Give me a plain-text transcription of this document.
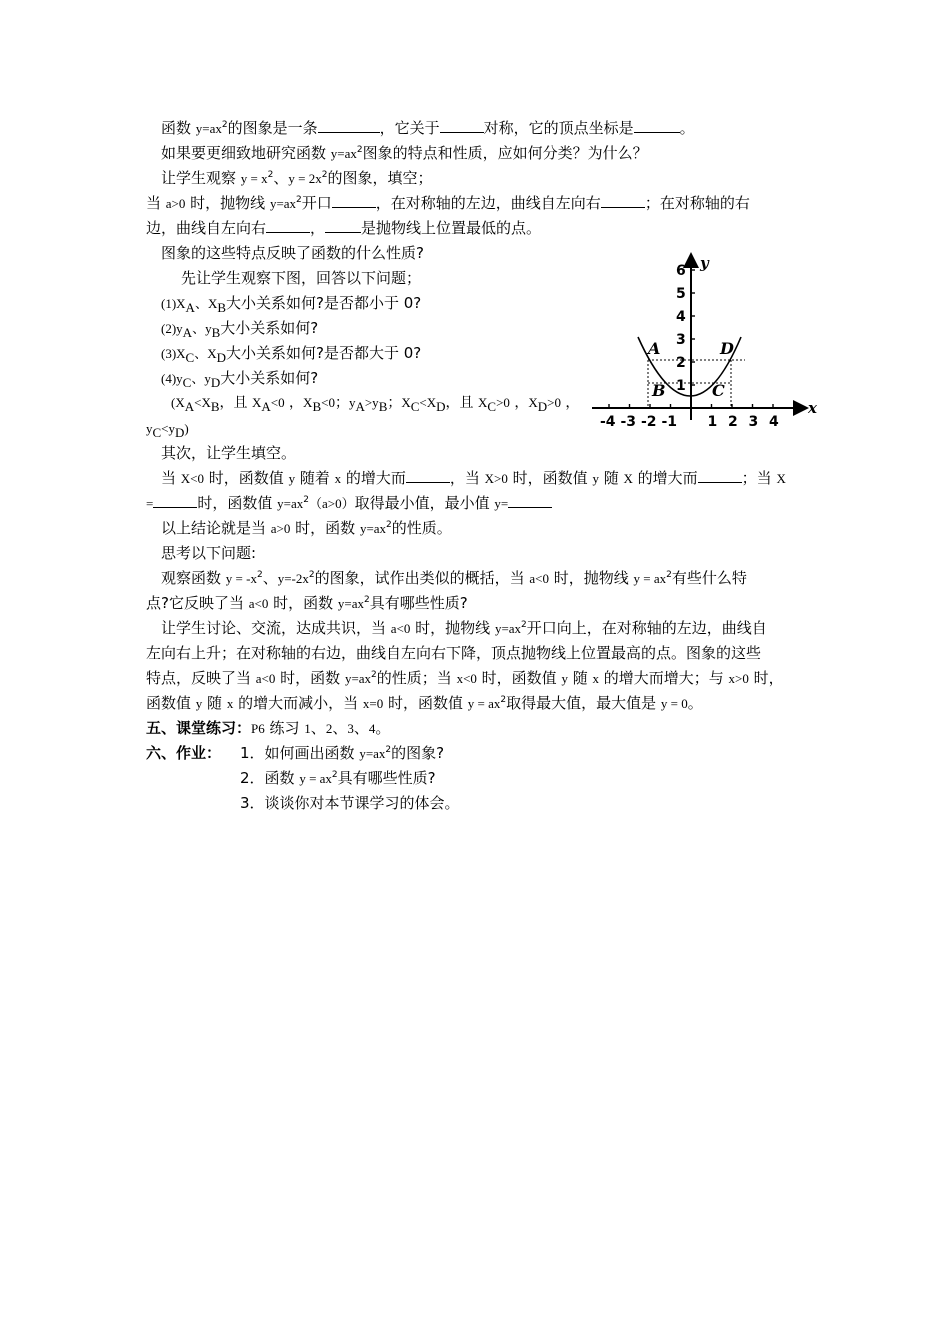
函数 $y=ax^2$的图象是一条	，它关于	对称，它的顶点坐标是	。
如果要更细致地研究函数 $y=ax^2$图象的特点和性质，应如何分类？为什么？
让学生观察 $y = x^2$、$y = 2x^2$的图象，填空；
当 a>0 时，抛物线 $y=ax^2$开口	，在对称轴的左边，曲线自左向右	；在对称轴的右
边，曲线自左向右	， 是抛物线上位置最低的点。
图象的这些特点反映了函数的什么性质?
先让学生观察下图，回答以下问题；
$(1)X_A$、$X_B$大小关系如何?是否都小于 0?
$(2)y_A$、$y_B$大小关系如何?
$(3)X_C$、$X_D$大小关系如何?是否都大于 0?
$(4)y_C$、$y_D$大小关系如何?
($X_A<X_B$，且 $X_A<0$ ，$X_B<0$；$y_A>y_B$；$X_C<X_D$，且 $X_C>0$ ，$X_D>0$ ，
$y_C<y_D$)
x
y
-4 -3 -2 -1 1 2 3 4
1
2
3
4
5
6
A
B	C
D
其次，让学生填空。
当 X<0 时，函数值 y 随着 x 的增大而	，当 X>0 时，函数值 y 随 X 的增大而	；当 X
=	时，函数值 $y=ax^2(a>0)$取得最小值，最小值 y=
以上结论就是当 a>0 时，函数 $y=ax^2$的性质。
思考以下问题:
观察函数 $y = -x^2$、$y=-2x^2$的图象，试作出类似的概括，当 a<0 时，抛物线 $y = ax^2$有些什么特
点?它反映了当 a<0 时，函数 $y=ax^2$具有哪些性质?
让学生讨论、交流，达成共识，当 a<0 时，抛物线 $y=ax^2$开口向上，在对称轴的左边，曲线自
左向右上升；在对称轴的右边，曲线自左向右下降，顶点抛物线上位置最高的点。图象的这些
特点，反映了当 a<0 时，函数 $y=ax^2$的性质；当 x<0 时，函数值 y 随 x 的增大而增大；与 x>0 时，
函数值 y 随 x 的增大而减小，当 x=0 时，函数值 $y = ax^2$取得最大值，最大值是 y = 0。
五、课堂练习：P6 练习 1、2、3、4。
六、作业： 1．如何画出函数 $y=ax^2$的图象?
2．函数 $y = ax^2$具有哪些性质?
3．谈谈你对本节课学习的体会。
